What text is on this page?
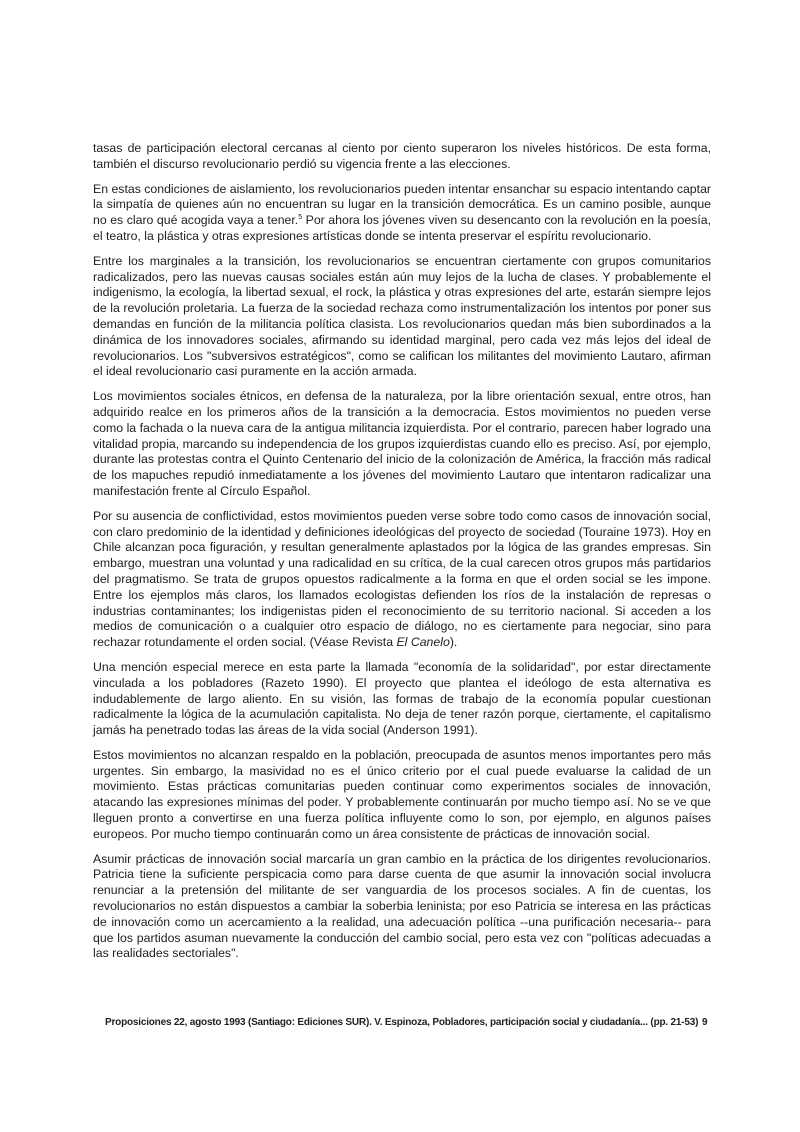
tasas de participación electoral cercanas al ciento por ciento superaron los niveles históricos. De esta forma, también el discurso revolucionario perdió su vigencia frente a las elecciones.

En estas condiciones de aislamiento, los revolucionarios pueden intentar ensanchar su espacio intentando captar la simpatía de quienes aún no encuentran su lugar en la transición democrática. Es un camino posible, aunque no es claro qué acogida vaya a tener.$^5$ Por ahora los jóvenes viven su desencanto con la revolución en la poesía, el teatro, la plástica y otras expresiones artísticas donde se intenta preservar el espíritu revolucionario.

Entre los marginales a la transición, los revolucionarios se encuentran ciertamente con grupos comunitarios radicalizados, pero las nuevas causas sociales están aún muy lejos de la lucha de clases. Y probablemente el indigenismo, la ecología, la libertad sexual, el rock, la plástica y otras expresiones del arte, estarán siempre lejos de la revolución proletaria. La fuerza de la sociedad rechaza como instrumentalización los intentos por poner sus demandas en función de la militancia política clasista. Los revolucionarios quedan más bien subordinados a la dinámica de los innovadores sociales, afirmando su identidad marginal, pero cada vez más lejos del ideal de revolucionarios. Los "subversivos estratégicos", como se califican los militantes del movimiento Lautaro, afirman el ideal revolucionario casi puramente en la acción armada.

Los movimientos sociales étnicos, en defensa de la naturaleza, por la libre orientación sexual, entre otros, han adquirido realce en los primeros años de la transición a la democracia. Estos movimientos no pueden verse como la fachada o la nueva cara de la antigua militancia izquierdista. Por el contrario, parecen haber logrado una vitalidad propia, marcando su independencia de los grupos izquierdistas cuando ello es preciso. Así, por ejemplo, durante las protestas contra el Quinto Centenario del inicio de la colonización de América, la fracción más radical de los mapuches repudió inmediatamente a los jóvenes del movimiento Lautaro que intentaron radicalizar una manifestación frente al Círculo Español.

Por su ausencia de conflictividad, estos movimientos pueden verse sobre todo como casos de innovación social, con claro predominio de la identidad y definiciones ideológicas del proyecto de sociedad (Touraine 1973). Hoy en Chile alcanzan poca figuración, y resultan generalmente aplastados por la lógica de las grandes empresas. Sin embargo, muestran una voluntad y una radicalidad en su crítica, de la cual carecen otros grupos más partidarios del pragmatismo. Se trata de grupos opuestos radicalmente a la forma en que el orden social se les impone. Entre los ejemplos más claros, los llamados ecologistas defienden los ríos de la instalación de represas o industrias contaminantes; los indigenistas piden el reconocimiento de su territorio nacional. Si acceden a los medios de comunicación o a cualquier otro espacio de diálogo, no es ciertamente para negociar, sino para rechazar rotundamente el orden social. (Véase Revista El Canelo).

Una mención especial merece en esta parte la llamada "economía de la solidaridad", por estar directamente vinculada a los pobladores (Razeto 1990). El proyecto que plantea el ideólogo de esta alternativa es indudablemente de largo aliento. En su visión, las formas de trabajo de la economía popular cuestionan radicalmente la lógica de la acumulación capitalista. No deja de tener razón porque, ciertamente, el capitalismo jamás ha penetrado todas las áreas de la vida social (Anderson 1991).

Estos movimientos no alcanzan respaldo en la población, preocupada de asuntos menos importantes pero más urgentes. Sin embargo, la masividad no es el único criterio por el cual puede evaluarse la calidad de un movimiento. Estas prácticas comunitarias pueden continuar como experimentos sociales de innovación, atacando las expresiones mínimas del poder. Y probablemente continuarán por mucho tiempo así. No se ve que lleguen pronto a convertirse en una fuerza política influyente como lo son, por ejemplo, en algunos países europeos. Por mucho tiempo continuarán como un área consistente de prácticas de innovación social.

Asumir prácticas de innovación social marcaría un gran cambio en la práctica de los dirigentes revolucionarios. Patricia tiene la suficiente perspicacia como para darse cuenta de que asumir la innovación social involucra renunciar a la pretensión del militante de ser vanguardia de los procesos sociales. A fin de cuentas, los revolucionarios no están dispuestos a cambiar la soberbia leninista; por eso Patricia se interesa en las prácticas de innovación como un acercamiento a la realidad, una adecuación política --una purificación necesaria-- para que los partidos asuman nuevamente la conducción del cambio social, pero esta vez con "políticas adecuadas a las realidades sectoriales".

Proposiciones 22, agosto 1993 (Santiago: Ediciones SUR). V. Espinoza, Pobladores, participación social y ciudadanía... (pp. 21-53) 9
